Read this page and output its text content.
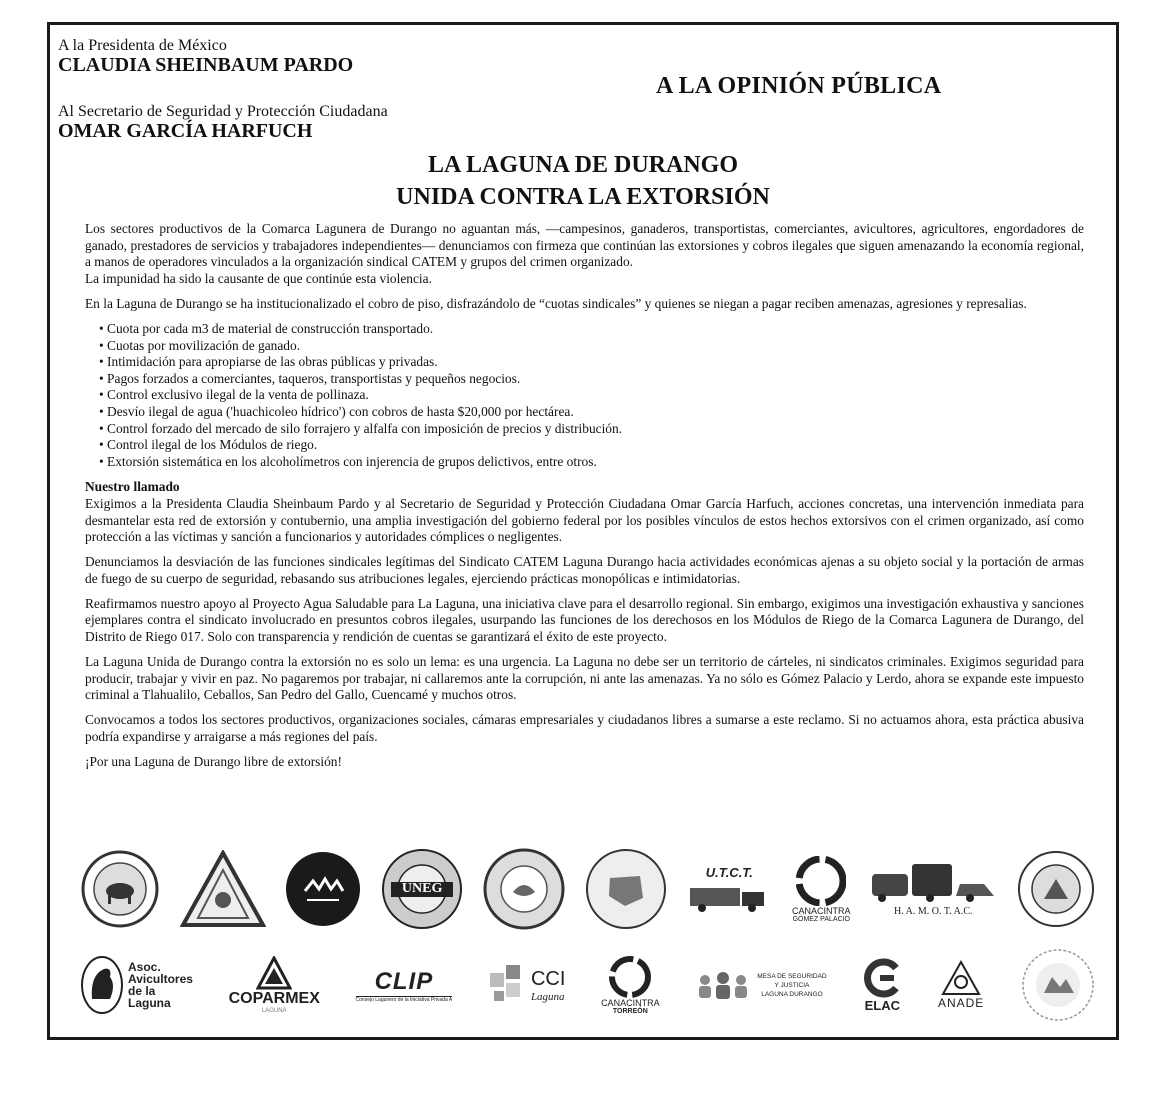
A la Presidenta de México
CLAUDIA SHEINBAUM PARDO
Al Secretario de Seguridad y Protección Ciudadana
OMAR GARCÍA HARFUCH
A LA OPINIÓN PÚBLICA
LA LAGUNA DE DURANGO
UNIDA CONTRA LA EXTORSIÓN

Los sectores productivos de la Comarca Lagunera de Durango no aguantan más, —campesinos, ganaderos, transportistas, comerciantes, avicultores, agricultores, engordadores de ganado, prestadores de servicios y trabajadores independientes— denunciamos con firmeza que continúan las extorsiones y cobros ilegales que siguen amenazando la economía regional, a manos de operadores vinculados a la organización sindical CATEM y grupos del crimen organizado.
La impunidad ha sido la causante de que continúe esta violencia.

En la Laguna de Durango se ha institucionalizado el cobro de piso, disfrazándolo de “cuotas sindicales” y quienes se niegan a pagar reciben amenazas, agresiones y represalias.

• Cuota por cada m3 de material de construcción transportado.
• Cuotas por movilización de ganado.
• Intimidación para apropiarse de las obras públicas y privadas.
• Pagos forzados a comerciantes, taqueros, transportistas y pequeños negocios.
• Control exclusivo ilegal de la venta de pollinaza.
• Desvío ilegal de agua ('huachicoleo hídrico') con cobros de hasta $20,000 por hectárea.
• Control forzado del mercado de silo forrajero y alfalfa con imposición de precios y distribución.
• Control ilegal de los Módulos de riego.
• Extorsión sistemática en los alcoholímetros con injerencia de grupos delictivos, entre otros.
Nuestro llamado

Exigimos a la Presidenta Claudia Sheinbaum Pardo y al Secretario de Seguridad y Protección Ciudadana Omar García Harfuch, acciones concretas, una intervención inmediata para desmantelar esta red de extorsión y contubernio, una amplia investigación del gobierno federal por los posibles vínculos de estos hechos extorsivos con el crimen organizado, así como protección a las víctimas y sanción a funcionarios y autoridades cómplices o negligentes.

Denunciamos la desviación de las funciones sindicales legítimas del Sindicato CATEM Laguna Durango hacia actividades económicas ajenas a su objeto social y la portación de armas de fuego de su cuerpo de seguridad, rebasando sus atribuciones legales, ejerciendo prácticas monopólicas e intimidatorias.

Reafirmamos nuestro apoyo al Proyecto Agua Saludable para La Laguna, una iniciativa clave para el desarrollo regional. Sin embargo, exigimos una investigación exhaustiva y sanciones ejemplares contra el sindicato involucrado en presuntos cobros ilegales, usurpando las funciones de los derechosos en los Módulos de Riego de la Comarca Lagunera de Durango, del Distrito de Riego 017. Solo con transparencia y rendición de cuentas se garantizará el éxito de este proyecto.

La Laguna Unida de Durango contra la extorsión no es solo un lema: es una urgencia. La Laguna no debe ser un territorio de cárteles, ni sindicatos criminales. Exigimos seguridad para producir, trabajar y vivir en paz. No pagaremos por trabajar, ni callaremos ante la corrupción, ni ante las amenazas. Ya no sólo es Gómez Palacio y Lerdo, ahora se expande este impuesto criminal a Tlahualilo, Ceballos, San Pedro del Gallo, Cuencamé y muchos otros.

Convocamos a todos los sectores productivos, organizaciones sociales, cámaras empresariales y ciudadanos libres a sumarse a este reclamo. Si no actuamos ahora, esta práctica abusiva podría expandirse y arraigarse a más regiones del país.

¡Por una Laguna de Durango libre de extorsión!

UNEG
U.T.C.T.
CANACINTRA
GÓMEZ PALACIO
H. A. M. O. T. A.C.
Asoc.
Avicultores
de la
Laguna	COPARMEX
LAGUNA
CLIP
Consejo Lagunero de la Iniciativa Privada A
CCI
Laguna	CANACINTRA
TORREÓN
MESA DE SEGURIDAD
Y JUSTICIA
LAGUNA DURANGO
ELAC	ANADE
